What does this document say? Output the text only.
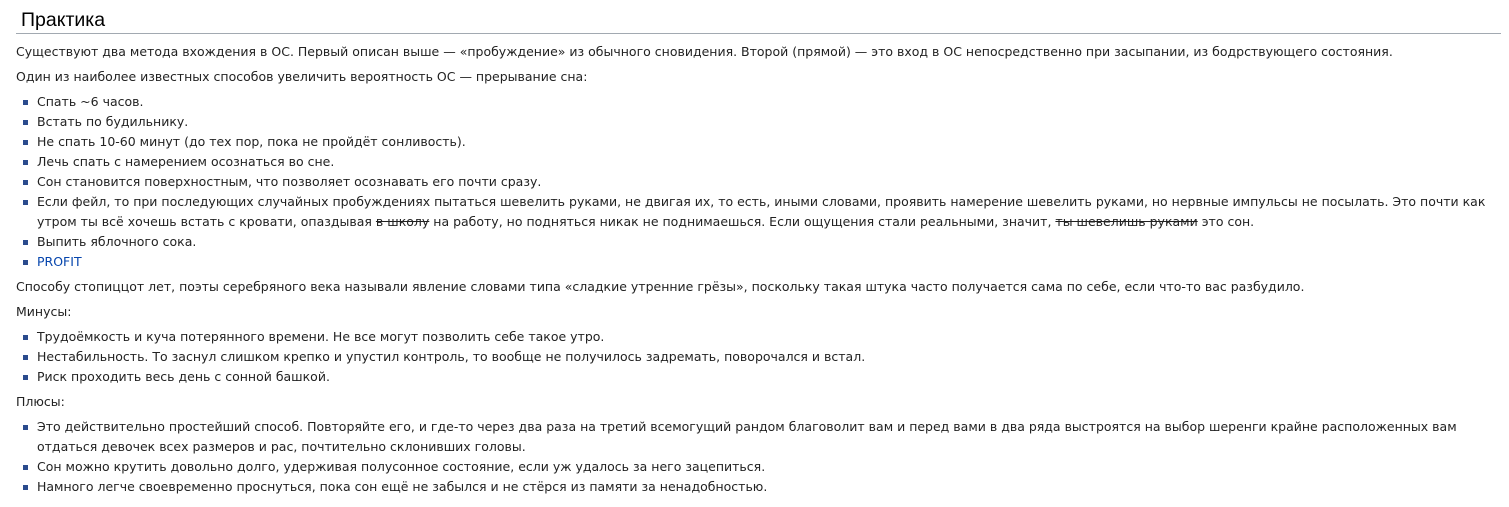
Практика

Существуют два метода вхождения в ОС. Первый описан выше — «пробуждение» из обычного сновидения. Второй (прямой) — это вход в ОС непосредственно при засыпании, из бодрствующего состояния.

Один из наиболее известных способов увеличить вероятность ОС — прерывание сна:

Спать ~6 часов.
Встать по будильнику.
Не спать 10-60 минут (до тех пор, пока не пройдёт сонливость).
Лечь спать с намерением осознаться во сне.
Сон становится поверхностным, что позволяет осознавать его почти сразу.
Если фейл, то при последующих случайных пробуждениях пытаться шевелить руками, не двигая их, то есть, иными словами, проявить намерение шевелить руками, но нервные импульсы не посылать. Это почти как утром ты всё хочешь встать с кровати, опаздывая в школу на работу, но подняться никак не поднимаешься. Если ощущения стали реальными, значит, ты шевелишь руками это сон.
Выпить яблочного сока.
PROFIT

Способу стопиццот лет, поэты серебряного века называли явление словами типа «сладкие утренние грёзы», поскольку такая штука часто получается сама по себе, если что-то вас разбудило.

Минусы:

Трудоёмкость и куча потерянного времени. Не все могут позволить себе такое утро.
Нестабильность. То заснул слишком крепко и упустил контроль, то вообще не получилось задремать, поворочался и встал.
Риск проходить весь день с сонной башкой.

Плюсы:

Это действительно простейший способ. Повторяйте его, и где-то через два раза на третий всемогущий рандом благоволит вам и перед вами в два ряда выстроятся на выбор шеренги крайне расположенных вам отдаться девочек всех размеров и рас, почтительно склонивших головы.
Сон можно крутить довольно долго, удерживая полусонное состояние, если уж удалось за него зацепиться.
Намного легче своевременно проснуться, пока сон ещё не забылся и не стёрся из памяти за ненадобностью.
